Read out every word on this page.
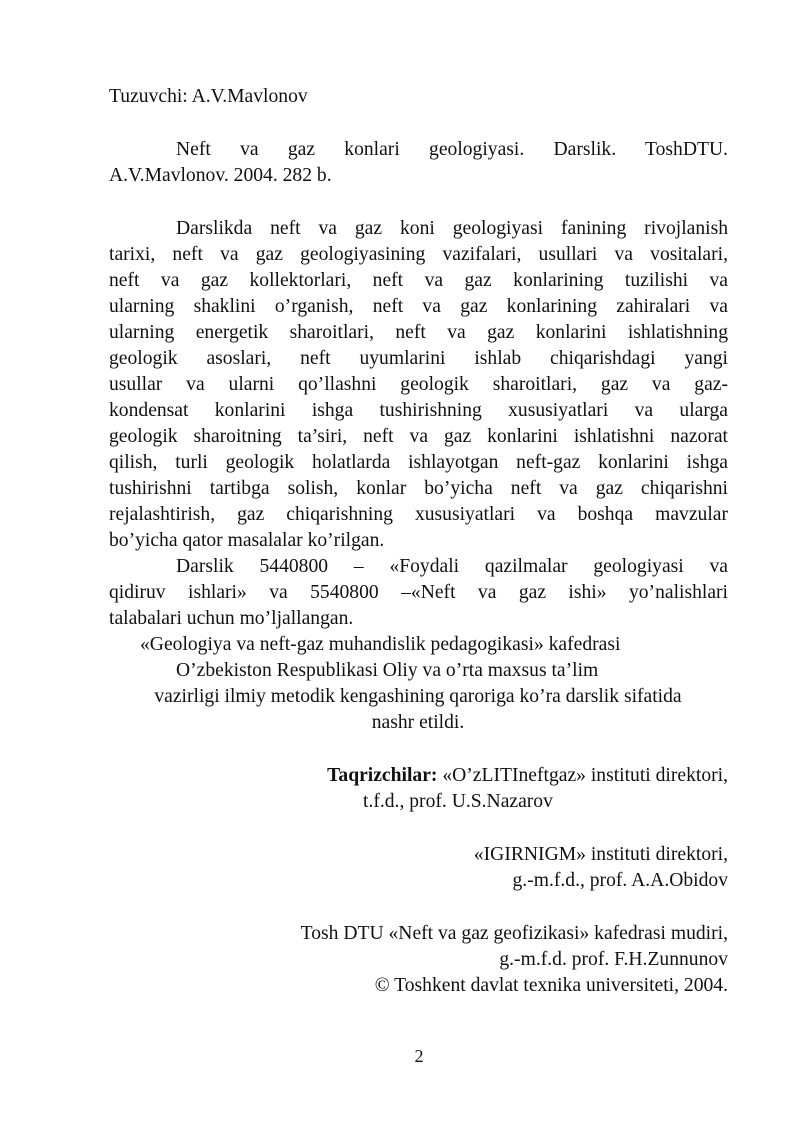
Tuzuvchi: A.V.Mavlonov
Neft va gaz konlari geologiyasi. Darslik. ToshDTU.
A.V.Mavlonov. 2004. 282 b.
Darslikda neft va gaz koni geologiyasi fanining rivojlanish
tarixi, neft va gaz geologiyasining vazifalari, usullari va vositalari,
neft va gaz kollektorlari, neft va gaz konlarining tuzilishi va
ularning shaklini o’rganish, neft va gaz konlarining zahiralari va
ularning energetik sharoitlari, neft va gaz konlarini ishlatishning
geologik asoslari, neft uyumlarini ishlab chiqarishdagi yangi
usullar va ularni qo’llashni geologik sharoitlari, gaz va gaz-
kondensat konlarini ishga tushirishning xususiyatlari va ularga
geologik sharoitning ta’siri, neft va gaz konlarini ishlatishni nazorat
qilish, turli geologik holatlarda ishlayotgan neft-gaz konlarini ishga
tushirishni tartibga solish, konlar bo’yicha neft va gaz chiqarishni
rejalashtirish, gaz chiqarishning xususiyatlari va boshqa mavzular
bo’yicha qator masalalar ko’rilgan.
Darslik 5440800 – «Foydali qazilmalar geologiyasi va
qidiruv ishlari» va 5540800 –«Neft va gaz ishi» yo’nalishlari
talabalari uchun mo’ljallangan.
«Geologiya va neft-gaz muhandislik pedagogikasi» kafedrasi
O’zbekiston Respublikasi Oliy va o’rta maxsus ta’lim
vazirligi ilmiy metodik kengashining qaroriga ko’ra darslik sifatida
nashr etildi.
Taqrizchilar: «O’zLITIneftgaz» instituti direktori,
t.f.d., prof. U.S.Nazarov
«IGIRNIGM» instituti direktori,
g.-m.f.d., prof. A.A.Obidov
Tosh DTU «Neft va gaz geofizikasi» kafedrasi mudiri,
g.-m.f.d. prof. F.H.Zunnunov
© Toshkent davlat texnika universiteti, 2004.
2
